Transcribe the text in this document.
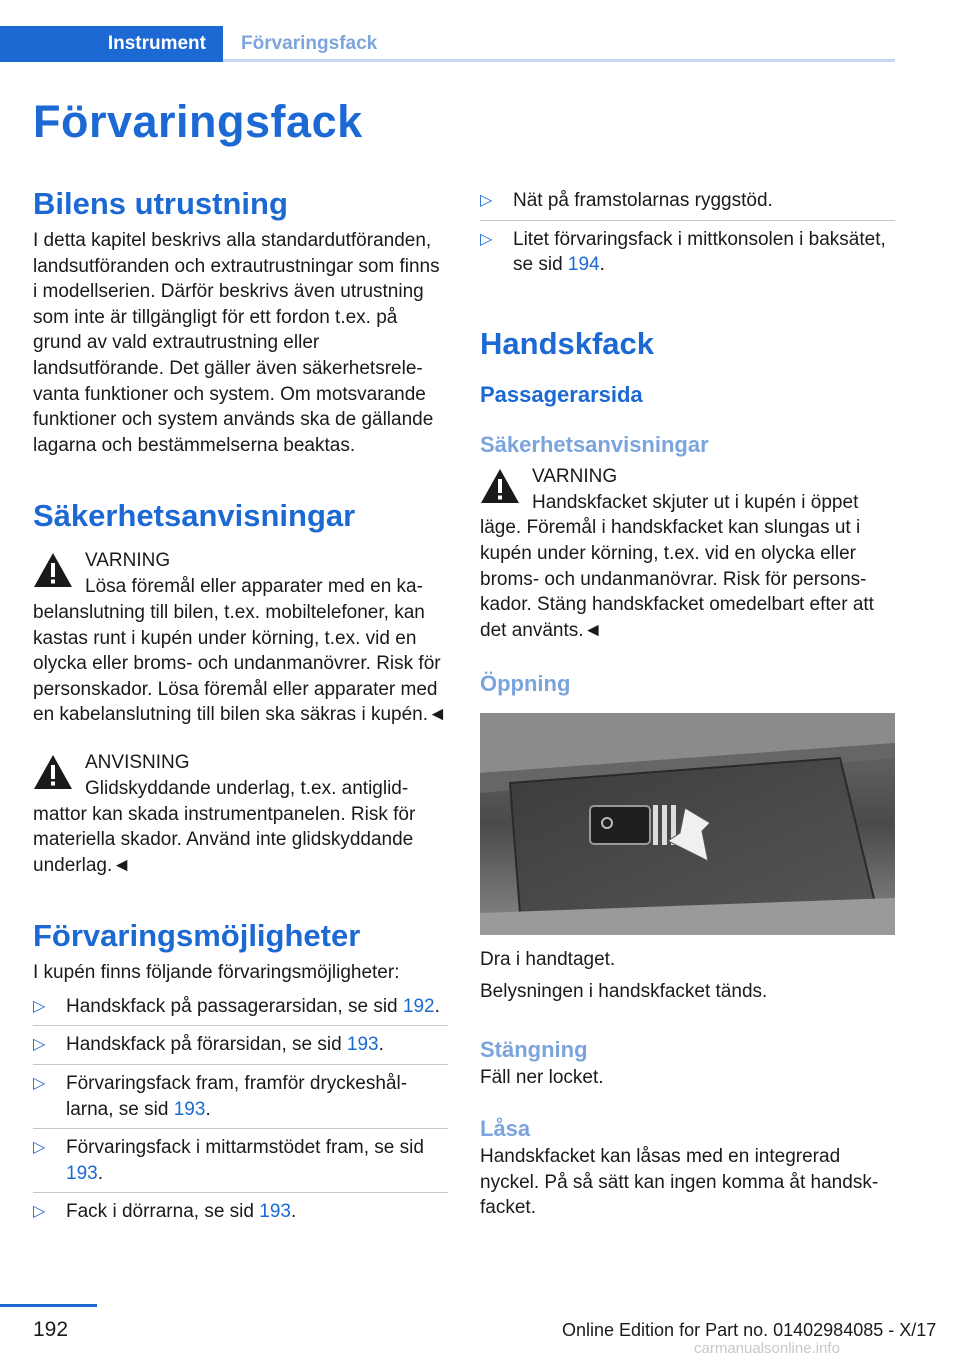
Instrument	Förvaringsfack
Förvaringsfack
Bilens utrustning

I detta kapitel beskrivs alla standardutföranden, landsutföranden och extrautrustningar som finns i modellserien. Därför beskrivs även utrustning som inte är tillgängligt för ett fordon t.ex. på grund av vald extrautrustning eller landsutförande. Det gäller även säkerhetsrelevanta funktioner och system. Om motsvarande funktioner och system används ska de gällande lagarna och bestämmelserna beaktas.

Säkerhetsanvisningar
VARNING
Lösa föremål eller apparater med en kabelanslutning till bilen, t.ex. mobiltelefoner, kan kastas runt i kupén under körning, t.ex. vid en olycka eller broms- och undanmanövrer. Risk för personskador. Lösa föremål eller apparater med en kabelanslutning till bilen ska säkras i kupén.◄
ANVISNING
Glidskyddande underlag, t.ex. antiglidmattor kan skada instrumentpanelen. Risk för materiella skador. Använd inte glidskyddande underlag.◄
Förvaringsmöjligheter

I kupén finns följande förvaringsmöjligheter:

▷ Handskfack på passagerarsidan, se sid 192.
▷ Handskfack på förarsidan, se sid 193.
▷ Förvaringsfack fram, framför dryckeshållarna, se sid 193.
▷ Förvaringsfack i mittarmstödet fram, se sid 193.
▷ Fack i dörrarna, se sid 193.
▷ Nät på framstolarnas ryggstöd.
▷ Litet förvaringsfack i mittkonsolen i baksätet, se sid 194.
Handskfack
Passagerarsida
Säkerhetsanvisningar
VARNING
Handskfacket skjuter ut i kupén i öppet läge. Föremål i handskfacket kan slungas ut i kupén under körning, t.ex. vid en olycka eller broms- och undanmanövrar. Risk för personskador. Stäng handskfacket omedelbart efter att det använts.◄
Öppning

Dra i handtaget.

Belysningen i handskfacket tänds.

Stängning

Fäll ner locket.

Låsa

Handskfacket kan låsas med en integrerad nyckel. På så sätt kan ingen komma åt handskfacket.

192	Online Edition for Part no. 01402984085 - X/17
carmanualsonline.info
